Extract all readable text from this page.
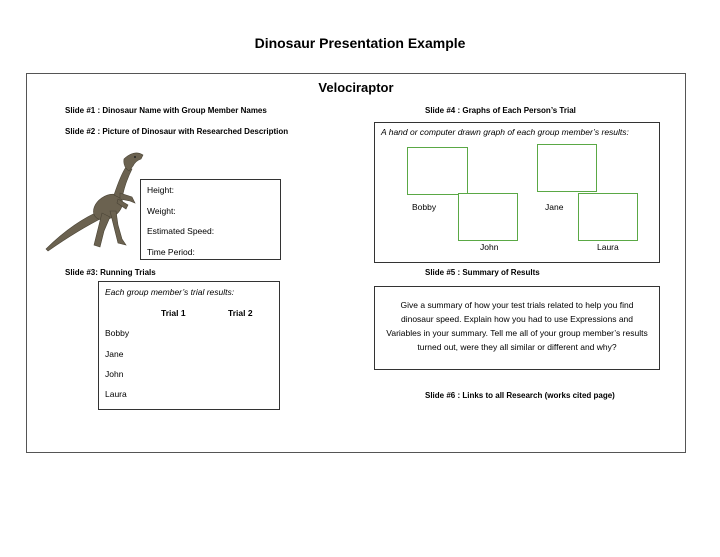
Dinosaur Presentation Example
Velociraptor
Slide #1 : Dinosaur Name with Group Member Names
Slide #2 : Picture of Dinosaur with Researched Description
Slide #3: Running Trials
Slide #4 : Graphs of Each Person’s Trial
Slide #5 : Summary of Results
Slide #6 : Links to all Research (works cited page)
Height:
Weight:
Estimated Speed:
Time Period:
Each group member’s trial results:
Trial 1	Trial 2
Bobby
Jane
John
Laura
A hand or computer drawn graph of each group member’s results:
Bobby	Jane
John	Laura
Give a summary of how your test trials related to help you find dinosaur speed. Explain how you had to use Expressions and Variables in your summary. Tell me all of your group member’s results turned out, were they all similar or different and why?
